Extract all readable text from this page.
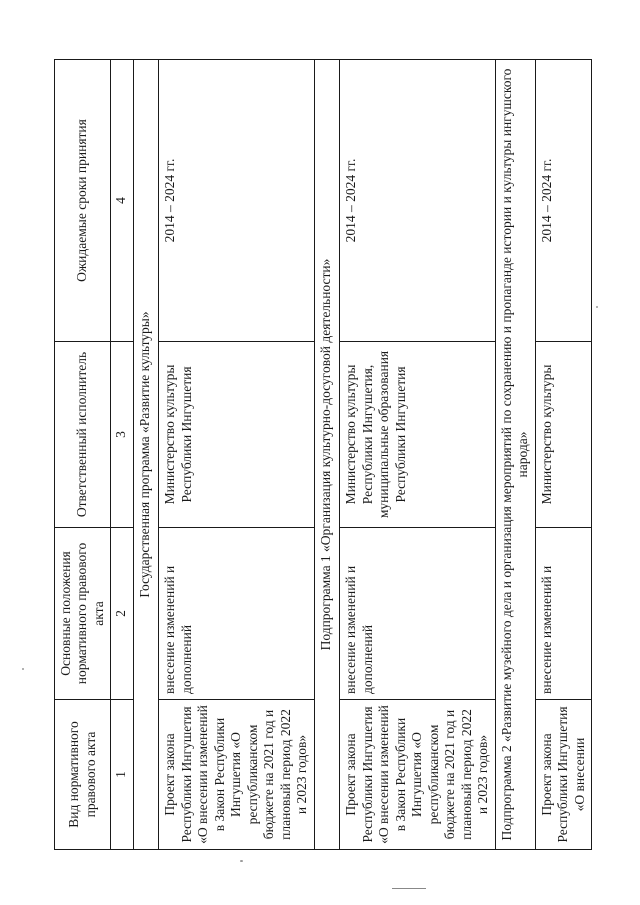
Вид нормативного правового акта	Основные положения нормативного правового акта	Ответственный исполнитель	Ожидаемые сроки принятия
1	2	3	4
Государственная программа «Развитие культуры»			
Проект закона Республики Ингушетия «О внесении изменений в Закон Республики Ингушетия «О республиканском бюджете на 2021 год и плановый период 2022 и 2023 годов»	внесение изменений и дополнений	Министерство культуры Республики Ингушетия	2014 – 2024 гг.
Подпрограмма 1 «Организация культурно-досуговой деятельности»			
Проект закона Республики Ингушетия «О внесении изменений в Закон Республики Ингушетия «О республиканском бюджете на 2021 год и плановый период 2022 и 2023 годов»	внесение изменений и дополнений	Министерство культуры Республики Ингушетия, муниципальные образования Республики Ингушетия	2014 – 2024 гг.
Подпрограмма 2 «Развитие музейного дела и организация мероприятий по сохранению и пропаганде истории и культуры ингушского народа»			
Проект закона Республики Ингушетия «О внесении	внесение изменений и	Министерство культуры	2014 – 2024 гг.
